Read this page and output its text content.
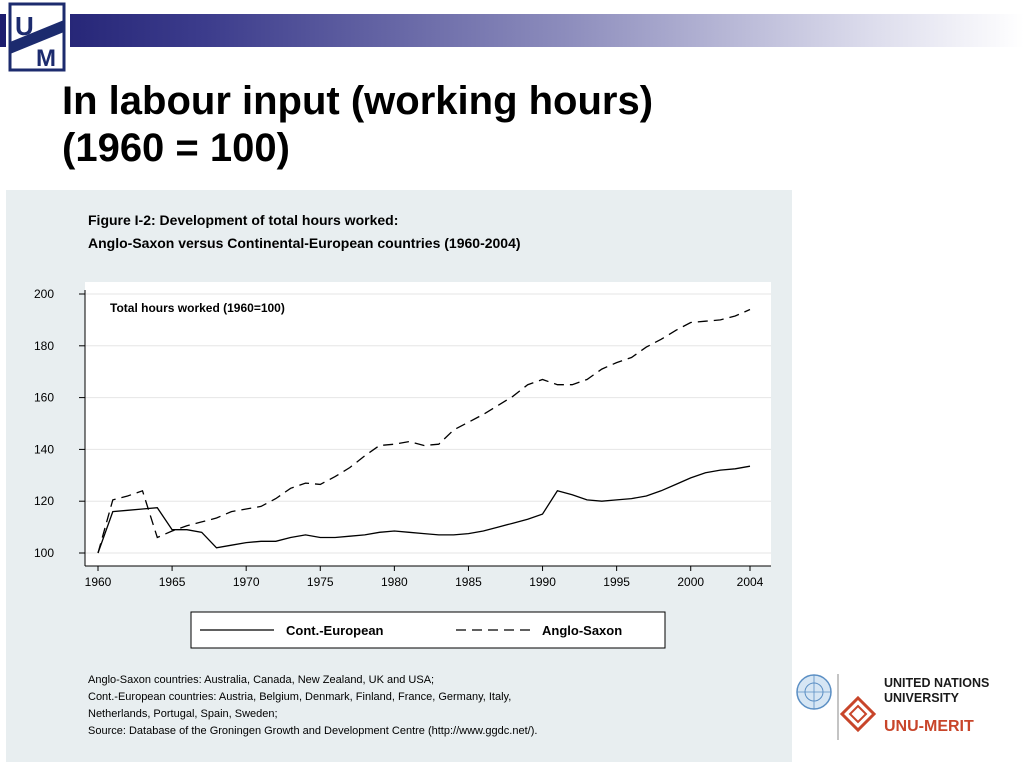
U
M
In labour input (working hours)
(1960 = 100)
Figure I-2: Development of total hours worked:
Anglo-Saxon versus Continental-European countries (1960-2004)
100
120
140
160
180
200
1960	1965	1970	1975	1980	1985	1990	1995	2000	2004
Total hours worked (1960=100)
Cont.-European	Anglo-Saxon
Anglo-Saxon countries: Australia, Canada, New Zealand, UK and USA;
Cont.-European countries: Austria, Belgium, Denmark, Finland, France, Germany, Italy,
Netherlands, Portugal, Spain, Sweden;
Source: Database of the Groningen Growth and Development Centre (http://www.ggdc.net/).
UNITED NATIONS
UNIVERSITY
UNU-MERIT
